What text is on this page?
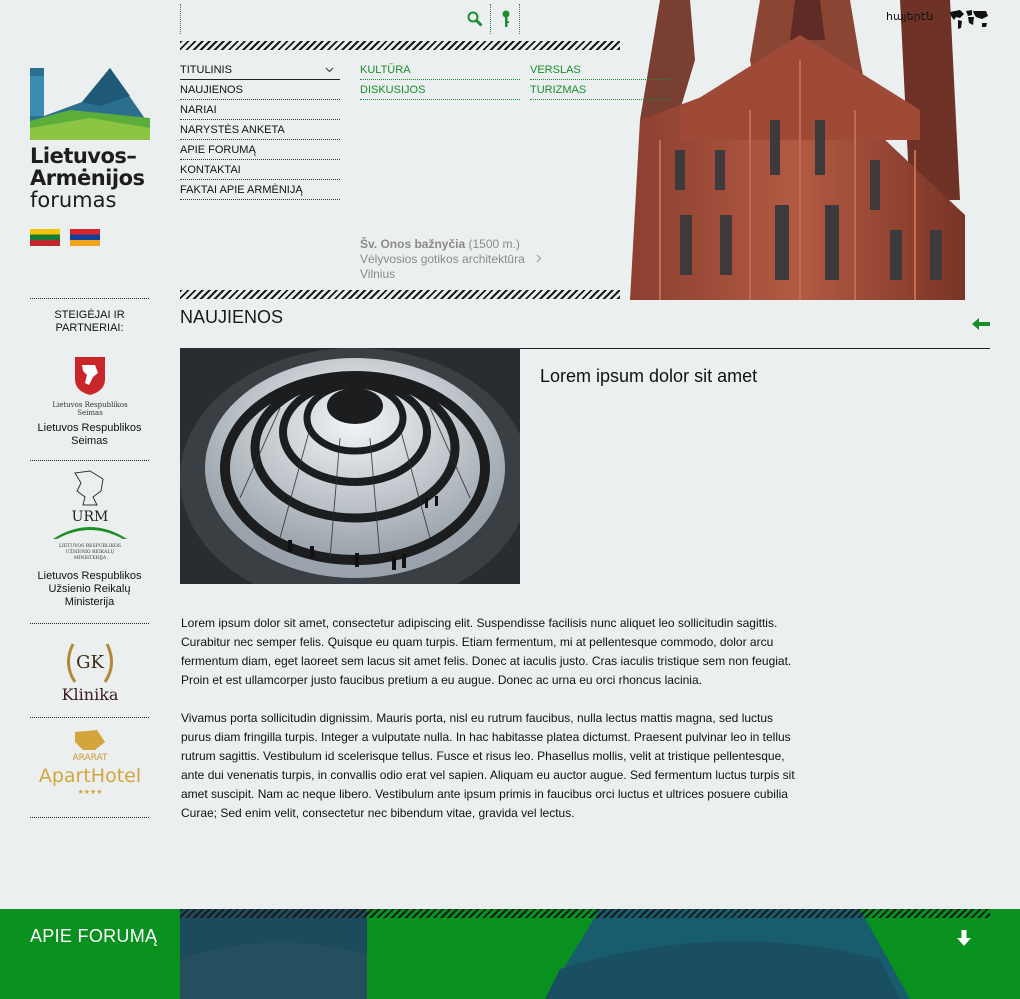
հայերէն
Lietuvos–
Armėnijos
forumas
STEIGĖJAI IR PARTNERIAI:
Lietuvos Respublikos
Seimas
Lietuvos Respublikos Seimas
URM
LIETUVOS RESPUBLIKOS
UŽSIENIO REIKALŲ
MINISTERIJA
Lietuvos Respublikos Užsienio Reikalų Ministerija
GK
Klinika
ARARAT
ApartHotel
★★★★
TITULINIS
NAUJIENOS
NARIAI
NARYSTĖS ANKETA
APIE FORUMĄ
KONTAKTAI
FAKTAI APIE ARMĖNIJĄ
KULTŪRA
DISKUSIJOS
VERSLAS
TURIZMAS
Šv. Onos bažnyčia (1500 m.)
Vėlyvosios gotikos architektūra
Vilnius
NAUJIENOS
Lorem ipsum dolor sit amet

Lorem ipsum dolor sit amet, consectetur adipiscing elit. Suspendisse facilisis nunc aliquet leo sollicitudin sagittis. Curabitur nec semper felis. Quisque eu quam turpis. Etiam fermentum, mi at pellentesque commodo, dolor arcu fermentum diam, eget laoreet sem lacus sit amet felis. Donec at iaculis justo. Cras iaculis tristique sem non feugiat. Proin et est ullamcorper justo faucibus pretium a eu augue. Donec ac urna eu orci rhoncus lacinia.

Vivamus porta sollicitudin dignissim. Mauris porta, nisl eu rutrum faucibus, nulla lectus mattis magna, sed luctus purus diam fringilla turpis. Integer a vulputate nulla. In hac habitasse platea dictumst. Praesent pulvinar leo in tellus rutrum sagittis. Vestibulum id scelerisque tellus. Fusce et risus leo. Phasellus mollis, velit at tristique pellentesque, ante dui venenatis turpis, in convallis odio erat vel sapien. Aliquam eu auctor augue. Sed fermentum luctus turpis sit amet suscipit. Nam ac neque libero. Vestibulum ante ipsum primis in faucibus orci luctus et ultrices posuere cubilia Curae; Sed enim velit, consectetur nec bibendum vitae, gravida vel lectus.

APIE FORUMĄ
